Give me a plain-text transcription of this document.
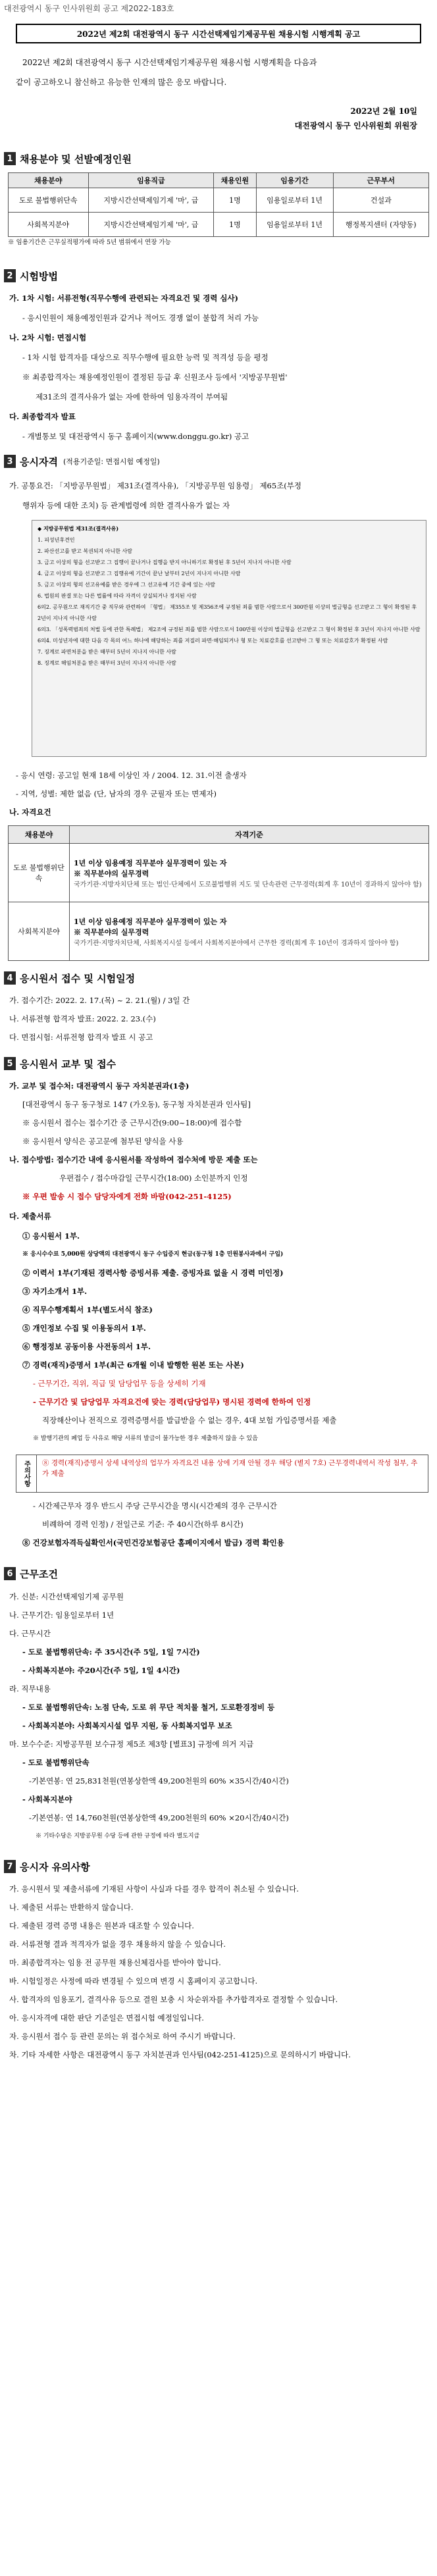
대전광역시 동구 인사위원회 공고 제2022-183호
2022년 제2회 대전광역시 동구 시간선택제임기제공무원 채용시험 시행계획 공고
2022년 제2회 대전광역시 동구 시간선택제임기제공무원 채용시험 시행계획을 다음과
같이 공고하오니 참신하고 유능한 인재의 많은 응모 바랍니다.
2022년 2월 10일
대전광역시 동구 인사위원회 위원장
1 채용분야 및 선발예정인원
채용분야	임용직급	채용인원	임용기간	근무부서
도로 불법행위단속	지방시간선택제임기제 '마', 급	1명	임용일로부터 1년	건설과
사회복지분야	지방시간선택제임기제 '마', 급	1명	임용일로부터 1년	행정복지센터 (자양동)
※ 임용기간은 근무실적평가에 따라 5년 범위에서 연장 가능
2 시험방법
가. 1차 시험: 서류전형(직무수행에 관련되는 자격요건 및 경력 심사)
- 응시인원이 채용예정인원과 같거나 적어도 경쟁 없이 불합격 처리 가능
나. 2차 시험: 면접시험
- 1차 시험 합격자를 대상으로 직무수행에 필요한 능력 및 적격성 등을 평정
※ 최종합격자는 채용예정인원이 결정된 등급 후 신원조사 등에서 '지방공무원법'
제31조의 결격사유가 없는 자에 한하여 임용자격이 부여됨
다. 최종합격자 발표
- 개별통보 및 대전광역시 동구 홈페이지(www.donggu.go.kr) 공고
3 응시자격 (적용기준일: 면접시험 예정일)
가. 공통요건: 「지방공무원법」 제31조(결격사유), 「지방공무원 임용령」 제65조(부정
행위자 등에 대한 조치) 등 관계법령에 의한 결격사유가 없는 자
◆ 지방공무원법 제31조(결격사유)
1. 피성년후견인
2. 파산선고를 받고 복권되지 아니한 사람
3. 금고 이상의 형을 선고받고 그 집행이 끝나거나 집행을 받지 아니하기로 확정된 후 5년이 지나지 아니한 사람
4. 금고 이상의 형을 선고받고 그 집행유예 기간이 끝난 날부터 2년이 지나지 아니한 사람
5. 금고 이상의 형의 선고유예를 받은 경우에 그 선고유예 기간 중에 있는 사람
6. 법원의 판결 또는 다른 법률에 따라 자격이 상실되거나 정지된 사람
6의2. 공무원으로 재직기간 중 직무와 관련하여 「형법」 제355조 및 제356조에 규정된 죄를 범한 사람으로서 300만원 이상의 벌금형을 선고받고 그 형이 확정된 후 2년이 지나지 아니한 사람
6의3. 「성폭력범죄의 처벌 등에 관한 특례법」 제2조에 규정된 죄를 범한 사람으로서 100만원 이상의 벌금형을 선고받고 그 형이 확정된 후 3년이 지나지 아니한 사람
6의4. 미성년자에 대한 다음 각 목의 어느 하나에 해당하는 죄를 저질러 파면·해임되거나 형 또는 치료감호를 선고받아 그 형 또는 치료감호가 확정된 사람
7. 징계로 파면처분을 받은 때부터 5년이 지나지 아니한 사람
8. 징계로 해임처분을 받은 때부터 3년이 지나지 아니한 사람
- 응시 연령: 공고일 현재 18세 이상인 자 / 2004. 12. 31.이전 출생자
- 지역, 성별: 제한 없음 (단, 남자의 경우 군필자 또는 면제자)
나. 자격요건
채용분야	자격기준
도로 불법행위단속	1년 이상 임용예정 직무분야 실무경력이 있는 자
※ 직무분야의 실무경력
국가기관·지방자치단체 또는 법인·단체에서 도로불법행위 지도 및 단속관련 근무경력(회계 후 10년이 경과하지 않아야 함)

사회복지분야	1년 이상 임용예정 직무분야 실무경력이 있는 자
※ 직무분야의 실무경력
국가기관·지방자치단체, 사회복지시설 등에서 사회복지분야에서 근무한 경력(회계 후 10년이 경과하지 않아야 함)
4 응시원서 접수 및 시험일정
가. 접수기간: 2022. 2. 17.(목) ~ 2. 21.(월) / 3일 간
나. 서류전형 합격자 발표: 2022. 2. 23.(수)
다. 면접시험: 서류전형 합격자 발표 시 공고
5 응시원서 교부 및 접수
가. 교부 및 접수처: 대전광역시 동구 자치분권과(1층)
[대전광역시 동구 동구청로 147 (가오동), 동구청 자치분권과 인사팀]
※ 응시원서 접수는 접수기간 중 근무시간(9:00~18:00)에 접수함
※ 응시원서 양식은 공고문에 첨부된 양식을 사용
나. 접수방법: 접수기간 내에 응시원서를 작성하여 접수처에 방문 제출 또는
우편접수 / 접수마감일 근무시간(18:00) 소인분까지 인정
※ 우편 발송 시 접수 담당자에게 전화 바람(042-251-4125)
다. 제출서류
① 응시원서 1부.
※ 응시수수료 5,000원 상당액의 대전광역시 동구 수입증지 현금(동구청 1층 민원봉사과에서 구입)
② 이력서 1부(기재된 경력사항 증빙서류 제출. 증빙자료 없을 시 경력 미인정)
③ 자기소개서 1부.
④ 직무수행계획서 1부(별도서식 참조)
⑤ 개인정보 수집 및 이용동의서 1부.
⑥ 행정정보 공동이용 사전동의서 1부.
⑦ 경력(재직)증명서 1부(최근 6개월 이내 발행한 원본 또는 사본)
- 근무기간, 직위, 직급 및 담당업무 등을 상세히 기재
- 근무기간 및 담당업무 자격요건에 맞는 경력(담당업무) 명시된 경력에 한하여 인정
직장해산이나 전직으로 경력증명서를 발급받을 수 없는 경우, 4대 보험 가입증명서를 제출
※ 발행기관의 폐업 등 사유로 해당 서류의 발급이 불가능한 경우 제출하지 않을 수 있음
주의사항	⑧ 경력(재직)증명서 상세 내역상의 업무가 자격요건 내용 상에 기재 안될 경우 해당 (별지 7호) 근무경력내역서 작성 첨부, 추가 제출
- 시간제근무자 경우 반드시 주당 근무시간을 명시(시간제의 경우 근무시간
비례하여 경력 인정) / 전일근로 기준: 주 40시간(하루 8시간)
⑧ 건강보험자격득실확인서(국민건강보험공단 홈페이지에서 발급) 경력 확인용
6 근무조건
가. 신분: 시간선택제임기제 공무원
나. 근무기간: 임용일로부터 1년
다. 근무시간
- 도로 불법행위단속: 주 35시간(주 5일, 1일 7시간)
- 사회복지분야: 주20시간(주 5일, 1일 4시간)
라. 직무내용
- 도로 불법행위단속: 노점 단속, 도로 위 무단 적치물 철거, 도로환경정비 등
- 사회복지분야: 사회복지시설 업무 지원, 동 사회복지업무 보조
마. 보수수준: 지방공무원 보수규정 제5조 제3항 [별표3] 규정에 의거 지급
- 도로 불법행위단속
-기본연봉: 연 25,831천원(연봉상한액 49,200천원의 60% ×35시간/40시간)
- 사회복지분야
-기본연봉: 연 14,760천원(연봉상한액 49,200천원의 60% ×20시간/40시간)
※ 기타수당은 지방공무원 수당 등에 관한 규정에 따라 별도지급
7 응시자 유의사항
가. 응시원서 및 제출서류에 기재된 사항이 사실과 다를 경우 합격이 취소될 수 있습니다.
나. 제출된 서류는 반환하지 않습니다.
다. 제출된 경력 증명 내용은 원본과 대조할 수 있습니다.
라. 서류전형 결과 적격자가 없을 경우 채용하지 않을 수 있습니다.
마. 최종합격자는 임용 전 공무원 채용신체검사를 받아야 합니다.
바. 시험일정은 사정에 따라 변경될 수 있으며 변경 시 홈페이지 공고합니다.
사. 합격자의 임용포기, 결격사유 등으로 결원 보충 시 차순위자를 추가합격자로 결정할 수 있습니다.
아. 응시자격에 대한 판단 기준일은 면접시험 예정일입니다.
자. 응시원서 접수 등 관련 문의는 위 접수처로 하여 주시기 바랍니다.
차. 기타 자세한 사항은 대전광역시 동구 자치분권과 인사팀(042-251-4125)으로 문의하시기 바랍니다.
